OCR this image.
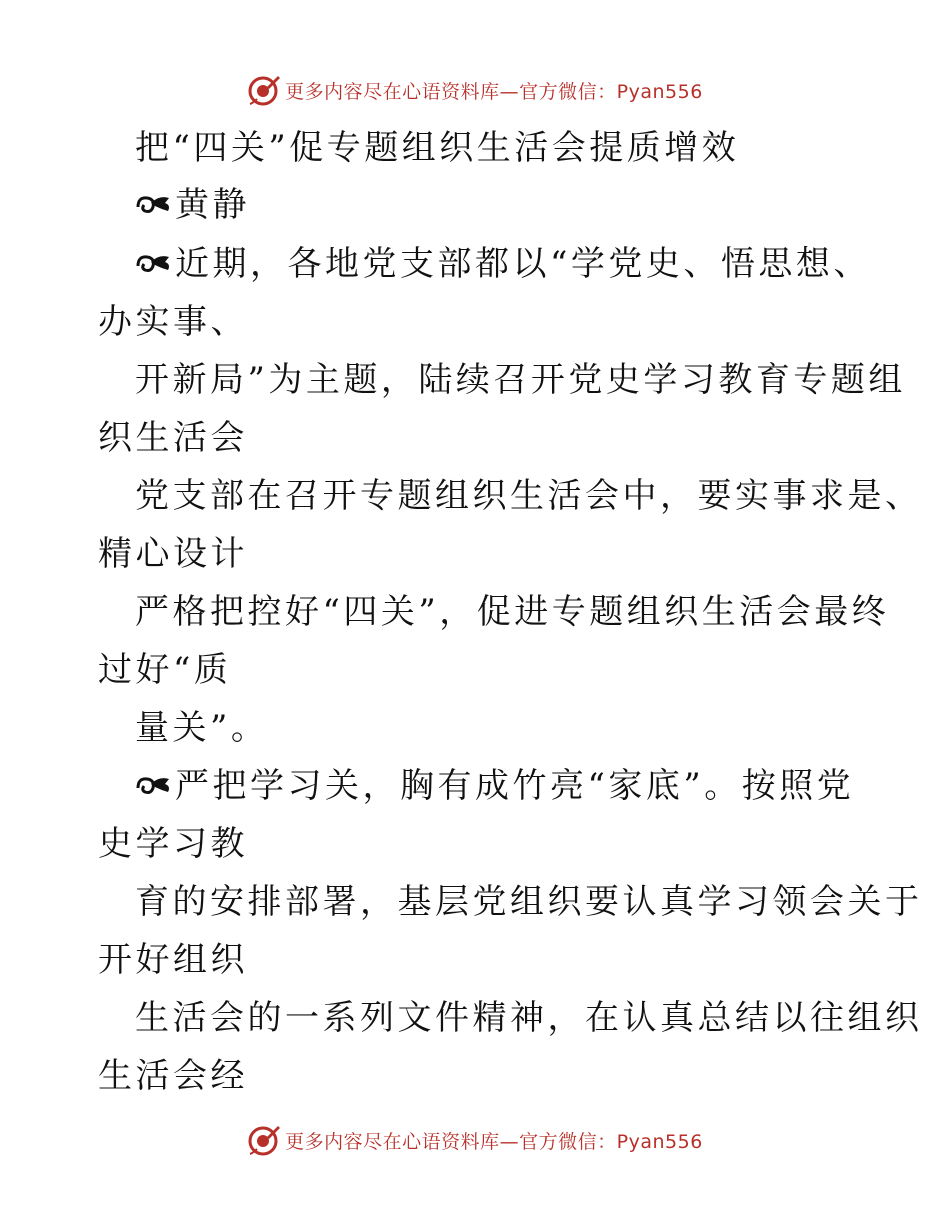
更多内容尽在心语资料库—官方微信：Pyan556
把“四关”促专题组织生活会提质增效
黄静
近期，各地党支部都以“学党史、悟思想、
办实事、
开新局”为主题，陆续召开党史学习教育专题组
织生活会
党支部在召开专题组织生活会中，要实事求是、
精心设计
严格把控好“四关”，促进专题组织生活会最终
过好“质
量关”。
严把学习关，胸有成竹亮“家底”。按照党
史学习教
育的安排部署，基层党组织要认真学习领会关于
开好组织
生活会的一系列文件精神，在认真总结以往组织
生活会经
更多内容尽在心语资料库—官方微信：Pyan556
